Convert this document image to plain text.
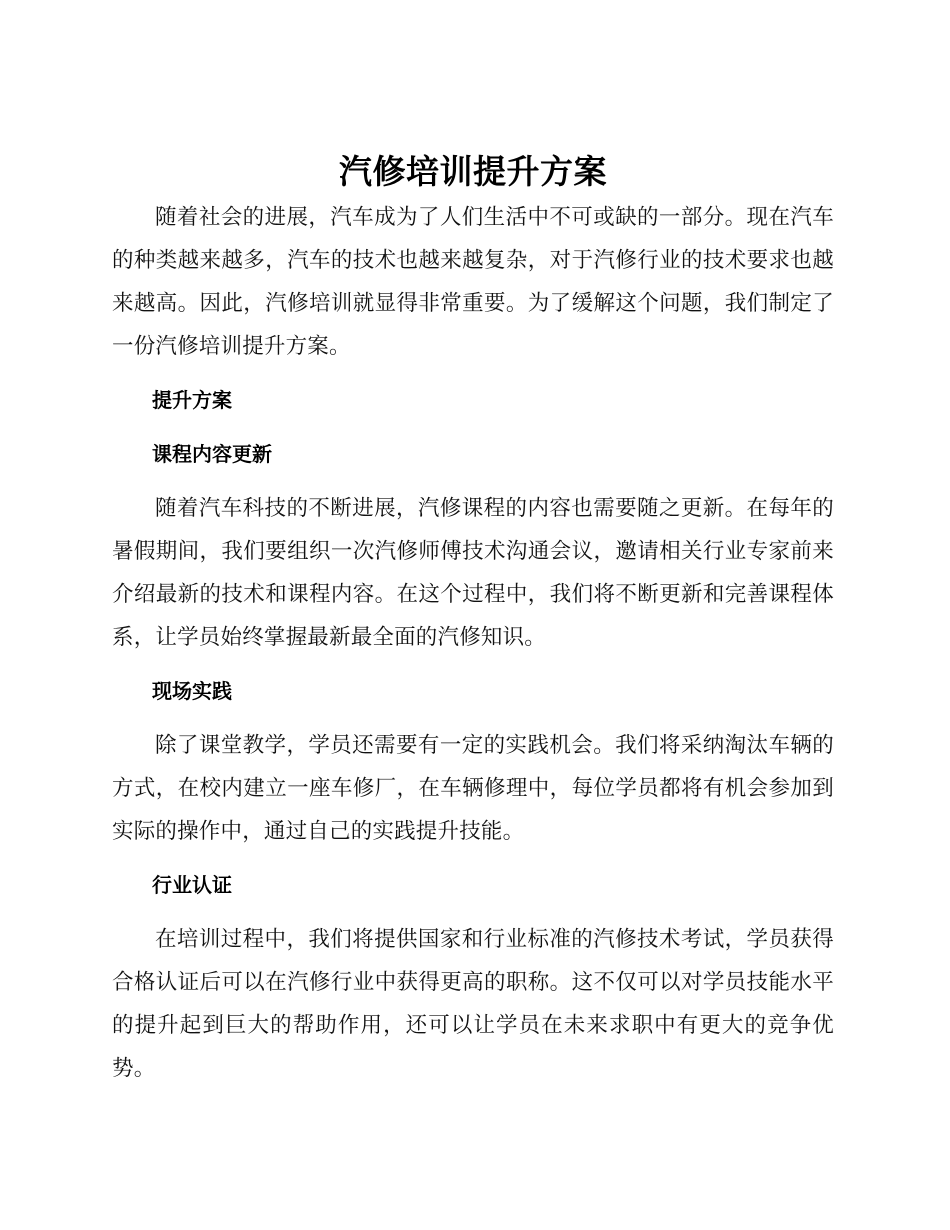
汽修培训提升方案

随着社会的进展，汽车成为了人们生活中不可或缺的一部分。现在汽车的种类越来越多，汽车的技术也越来越复杂，对于汽修行业的技术要求也越来越高。因此，汽修培训就显得非常重要。为了缓解这个问题，我们制定了一份汽修培训提升方案。

提升方案
课程内容更新

随着汽车科技的不断进展，汽修课程的内容也需要随之更新。在每年的暑假期间，我们要组织一次汽修师傅技术沟通会议，邀请相关行业专家前来介绍最新的技术和课程内容。在这个过程中，我们将不断更新和完善课程体系，让学员始终掌握最新最全面的汽修知识。

现场实践

除了课堂教学，学员还需要有一定的实践机会。我们将采纳淘汰车辆的方式，在校内建立一座车修厂，在车辆修理中，每位学员都将有机会参加到实际的操作中，通过自己的实践提升技能。

行业认证

在培训过程中，我们将提供国家和行业标准的汽修技术考试，学员获得合格认证后可以在汽修行业中获得更高的职称。这不仅可以对学员技能水平的提升起到巨大的帮助作用，还可以让学员在未来求职中有更大的竞争优势。
